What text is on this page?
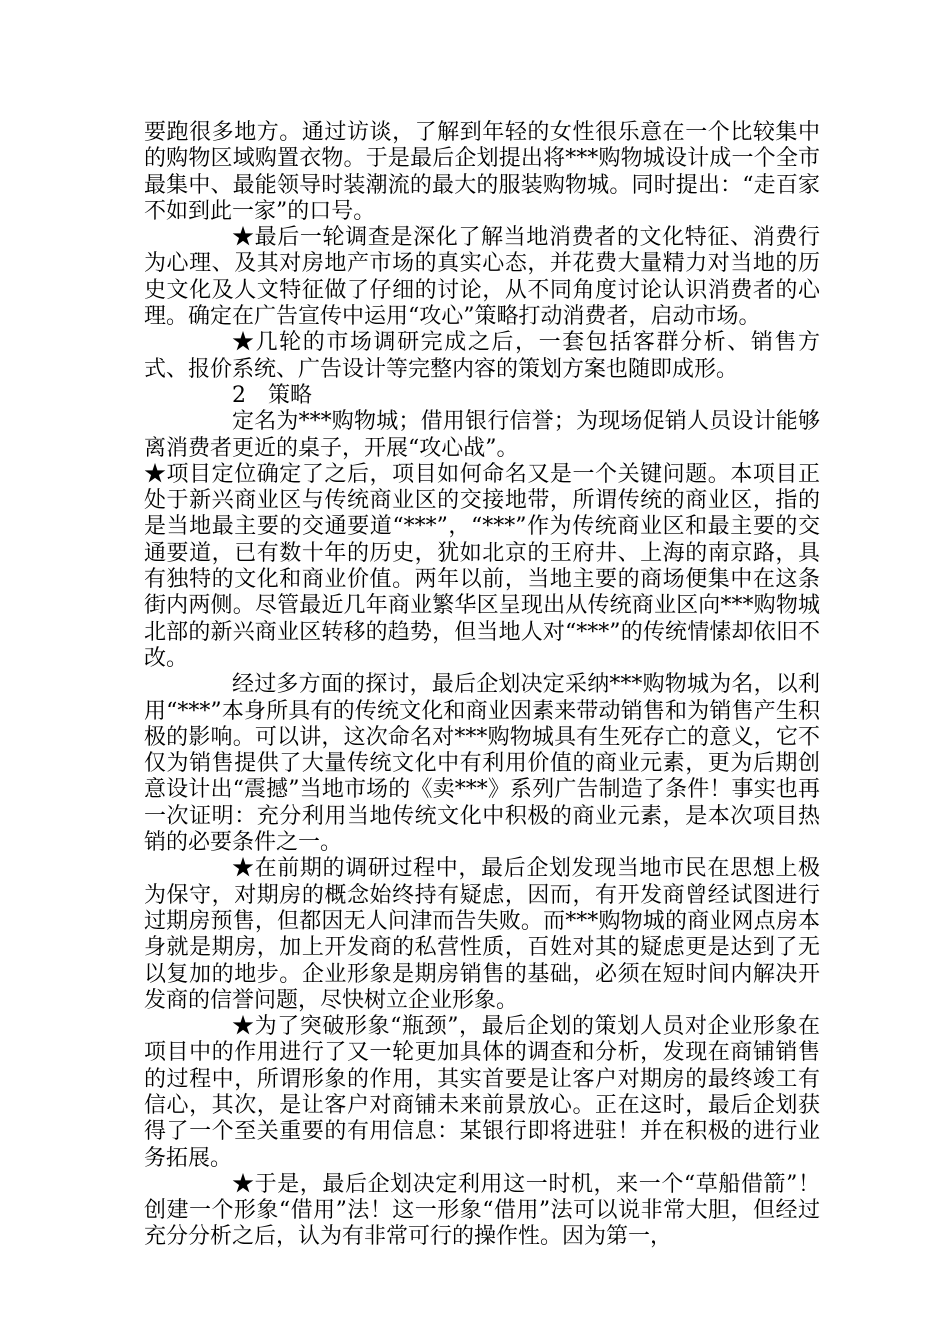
要跑很多地方。通过访谈，了解到年轻的女性很乐意在一个比较集中的购物区域购置衣物。于是最后企划提出将***购物城设计成一个全市最集中、最能领导时装潮流的最大的服装购物城。同时提出：“走百家不如到此一家”的口号。

★最后一轮调查是深化了解当地消费者的文化特征、消费行为心理、及其对房地产市场的真实心态，并花费大量精力对当地的历史文化及人文特征做了仔细的讨论，从不同角度讨论认识消费者的心理。确定在广告宣传中运用“攻心”策略打动消费者，启动市场。

★几轮的市场调研完成之后，一套包括客群分析、销售方式、报价系统、广告设计等完整内容的策划方案也随即成形。

2 策略

定名为***购物城；借用银行信誉；为现场促销人员设计能够离消费者更近的桌子，开展“攻心战”。

★项目定位确定了之后，项目如何命名又是一个关键问题。本项目正处于新兴商业区与传统商业区的交接地带，所谓传统的商业区，指的是当地最主要的交通要道“***”，“***”作为传统商业区和最主要的交通要道，已有数十年的历史，犹如北京的王府井、上海的南京路，具有独特的文化和商业价值。两年以前，当地主要的商场便集中在这条街内两侧。尽管最近几年商业繁华区呈现出从传统商业区向***购物城北部的新兴商业区转移的趋势，但当地人对“***”的传统情愫却依旧不改。

经过多方面的探讨，最后企划决定采纳***购物城为名，以利用“***”本身所具有的传统文化和商业因素来带动销售和为销售产生积极的影响。可以讲，这次命名对***购物城具有生死存亡的意义，它不仅为销售提供了大量传统文化中有利用价值的商业元素，更为后期创意设计出“震撼”当地市场的《卖***》系列广告制造了条件！事实也再一次证明：充分利用当地传统文化中积极的商业元素，是本次项目热销的必要条件之一。

★在前期的调研过程中，最后企划发现当地市民在思想上极为保守，对期房的概念始终持有疑虑，因而，有开发商曾经试图进行过期房预售，但都因无人问津而告失败。而***购物城的商业网点房本身就是期房，加上开发商的私营性质，百姓对其的疑虑更是达到了无以复加的地步。企业形象是期房销售的基础，必须在短时间内解决开发商的信誉问题，尽快树立企业形象。

★为了突破形象“瓶颈”，最后企划的策划人员对企业形象在项目中的作用进行了又一轮更加具体的调查和分析，发现在商铺销售的过程中，所谓形象的作用，其实首要是让客户对期房的最终竣工有信心，其次，是让客户对商铺未来前景放心。正在这时，最后企划获得了一个至关重要的有用信息：某银行即将进驻！并在积极的进行业务拓展。

★于是，最后企划决定利用这一时机，来一个“草船借箭”！创建一个形象“借用”法！这一形象“借用”法可以说非常大胆，但经过充分分析之后，认为有非常可行的操作性。因为第一，
